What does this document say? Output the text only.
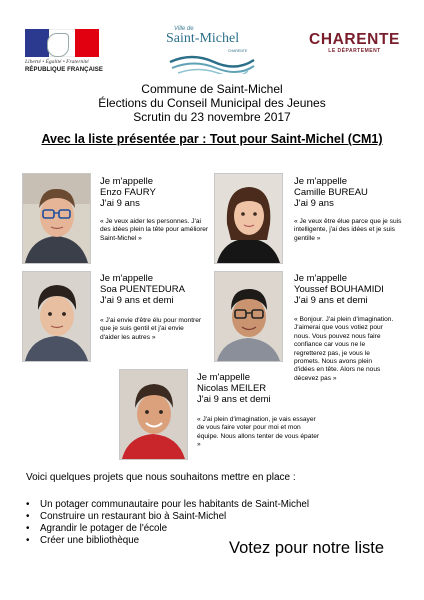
Liberté • Égalité • Fraternité
RÉPUBLIQUE FRANÇAISE
Ville de
Saint-Michel
CHARENTE
CHARENTE
LE DÉPARTEMENT
Commune de Saint-Michel
Élections du Conseil Municipal des Jeunes
Scrutin du 23 novembre 2017
Avec la liste présentée par : Tout pour Saint-Michel (CM1)
Je m'appelle
Enzo FAURY
J'ai 9 ans
« Je veux aider les personnes. J'ai des idées plein la tête pour améliorer Saint-Michel »
Je m'appelle
Camille BUREAU
J'ai 9 ans
« Je veux être élue parce que je suis intelligente, j'ai des idées et je suis gentille »
Je m'appelle
Soa PUENTEDURA
J'ai 9 ans et demi
« J'ai envie d'être élu pour montrer que je suis gentil et j'ai envie d'aider les autres »
Je m'appelle
Youssef BOUHAMIDI
J'ai 9 ans et demi
« Bonjour. J'ai plein d'imagination. J'aimerai que vous votiez pour nous. Vous pouvez nous faire confiance car vous ne le regretterez pas, je vous le promets. Nous avons plein d'idées en tête. Alors ne nous décevez pas »
Je m'appelle
Nicolas MEILER
J'ai 9 ans et demi
« J'ai plein d'imagination, je vais essayer de vous faire voter pour moi et mon équipe. Nous allons tenter de vous épater »
Voici quelques projets que nous souhaitons mettre en place :
• Un potager communautaire pour les habitants de Saint-Michel
• Construire un restaurant bio à Saint-Michel
• Agrandir le potager de l'école
• Créer une bibliothèque	Votez pour notre liste
